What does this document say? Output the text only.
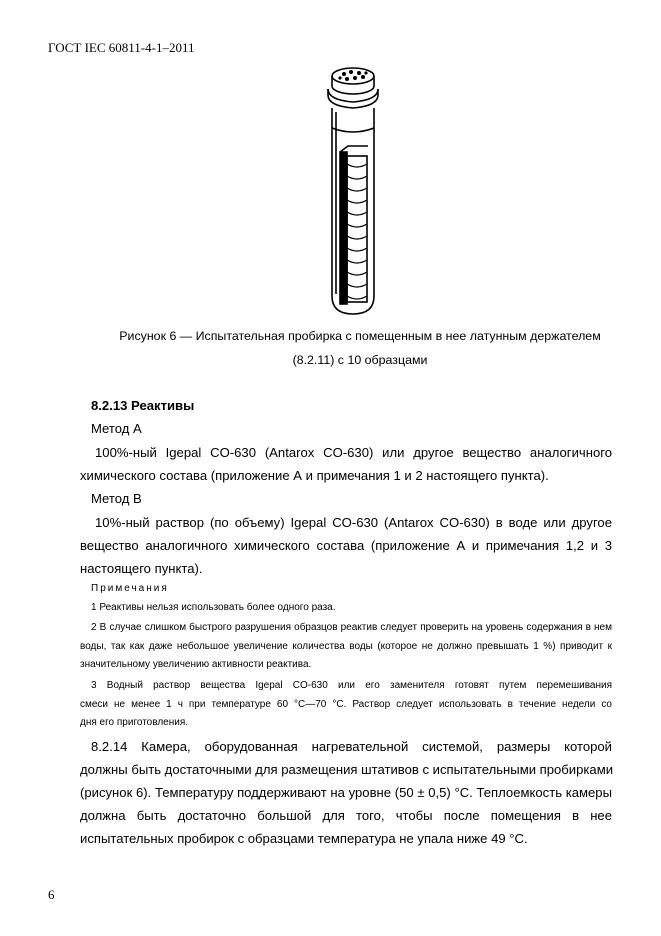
ГОСТ IEC 60811-4-1–2011
Рисунок 6 — Испытательная пробирка с помещенным в нее латунным держателем
(8.2.11) с 10 образцами
8.2.13 Реактивы
Метод А
100%-ный Igepal CO-630 (Antarox CO-630) или другое вещество аналогичного
химического состава (приложение А и примечания 1 и 2 настоящего пункта).
Метод В
10%-ный раствор (по объему) Igepal CO-630 (Antarox CO-630) в воде или другое
вещество аналогичного химического состава (приложение А и примечания 1,2 и 3
настоящего пункта).
Примечания
1 Реактивы нельзя использовать более одного раза.
2 В случае слишком быстрого разрушения образцов реактив следует проверить на уровень содержания в нем
воды, так как даже небольшое увеличение количества воды (которое не должно превышать 1 %) приводит к
значительному увеличению активности реактива.
3 Водный раствор вещества Igepal CO-630 или его заменителя готовят путем перемешивания
смеси не менее 1 ч при температуре 60 °С—70 °С. Раствор следует использовать в течение недели со
дня его приготовления.
8.2.14 Камера, оборудованная нагревательной системой, размеры которой
должны быть достаточными для размещения штативов с испытательными пробирками
(рисунок 6). Температуру поддерживают на уровне (50 ± 0,5) °С. Теплоемкость камеры
должна быть достаточно большой для того, чтобы после помещения в нее
испытательных пробирок с образцами температура не упала ниже 49 °С.
6
